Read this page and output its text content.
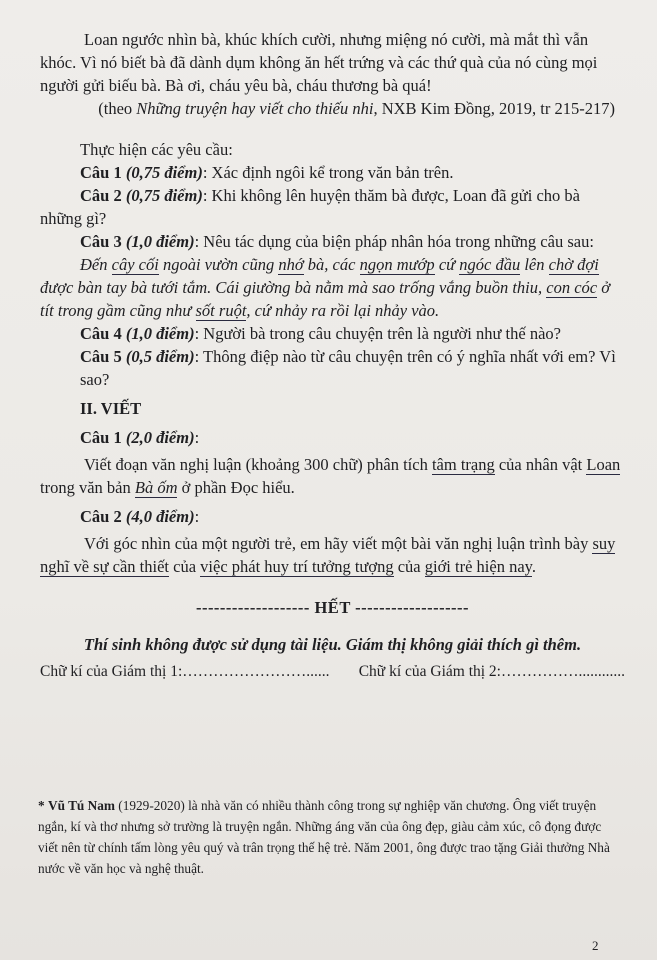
Loan ngước nhìn bà, khúc khích cười, nhưng miệng nó cười, mà mắt thì vẫn khóc. Vì nó biết bà đã dành dụm không ăn hết trứng và các thứ quà của nó cùng mọi người gửi biếu bà. Bà ơi, cháu yêu bà, cháu thương bà quá!

(theo Những truyện hay viết cho thiếu nhi, NXB Kim Đồng, 2019, tr 215-217)

Thực hiện các yêu cầu:

Câu 1 (0,75 điểm): Xác định ngôi kể trong văn bản trên.

Câu 2 (0,75 điểm): Khi không lên huyện thăm bà được, Loan đã gửi cho bà những gì?

Câu 3 (1,0 điểm): Nêu tác dụng của biện pháp nhân hóa trong những câu sau:

Đến cây cối ngoài vườn cũng nhớ bà, các ngọn mướp cứ ngóc đầu lên chờ đợi được bàn tay bà tưới tắm. Cái giường bà nằm mà sao trống vắng buồn thiu, con cóc ở tít trong gầm cũng như sốt ruột, cứ nhảy ra rồi lại nhảy vào.

Câu 4 (1,0 điểm): Người bà trong câu chuyện trên là người như thế nào?

Câu 5 (0,5 điểm): Thông điệp nào từ câu chuyện trên có ý nghĩa nhất với em? Vì sao?

II. VIẾT

Câu 1 (2,0 điểm):

Viết đoạn văn nghị luận (khoảng 300 chữ) phân tích tâm trạng của nhân vật Loan trong văn bản Bà ốm ở phần Đọc hiểu.

Câu 2 (4,0 điểm):

Với góc nhìn của một người trẻ, em hãy viết một bài văn nghị luận trình bày suy nghĩ về sự cần thiết của việc phát huy trí tưởng tượng của giới trẻ hiện nay.

------------------- HẾT -------------------

Thí sinh không được sử dụng tài liệu. Giám thị không giải thích gì thêm.

Chữ kí của Giám thị 1:……………………...... Chữ kí của Giám thị 2:……………............

* Vũ Tú Nam (1929-2020) là nhà văn có nhiều thành công trong sự nghiệp văn chương. Ông viết truyện ngắn, kí và thơ nhưng sở trường là truyện ngắn. Những áng văn của ông đẹp, giàu cảm xúc, cô đọng được viết nên từ chính tấm lòng yêu quý và trân trọng thế hệ trẻ. Năm 2001, ông được trao tặng Giải thưởng Nhà nước về văn học và nghệ thuật.

2
